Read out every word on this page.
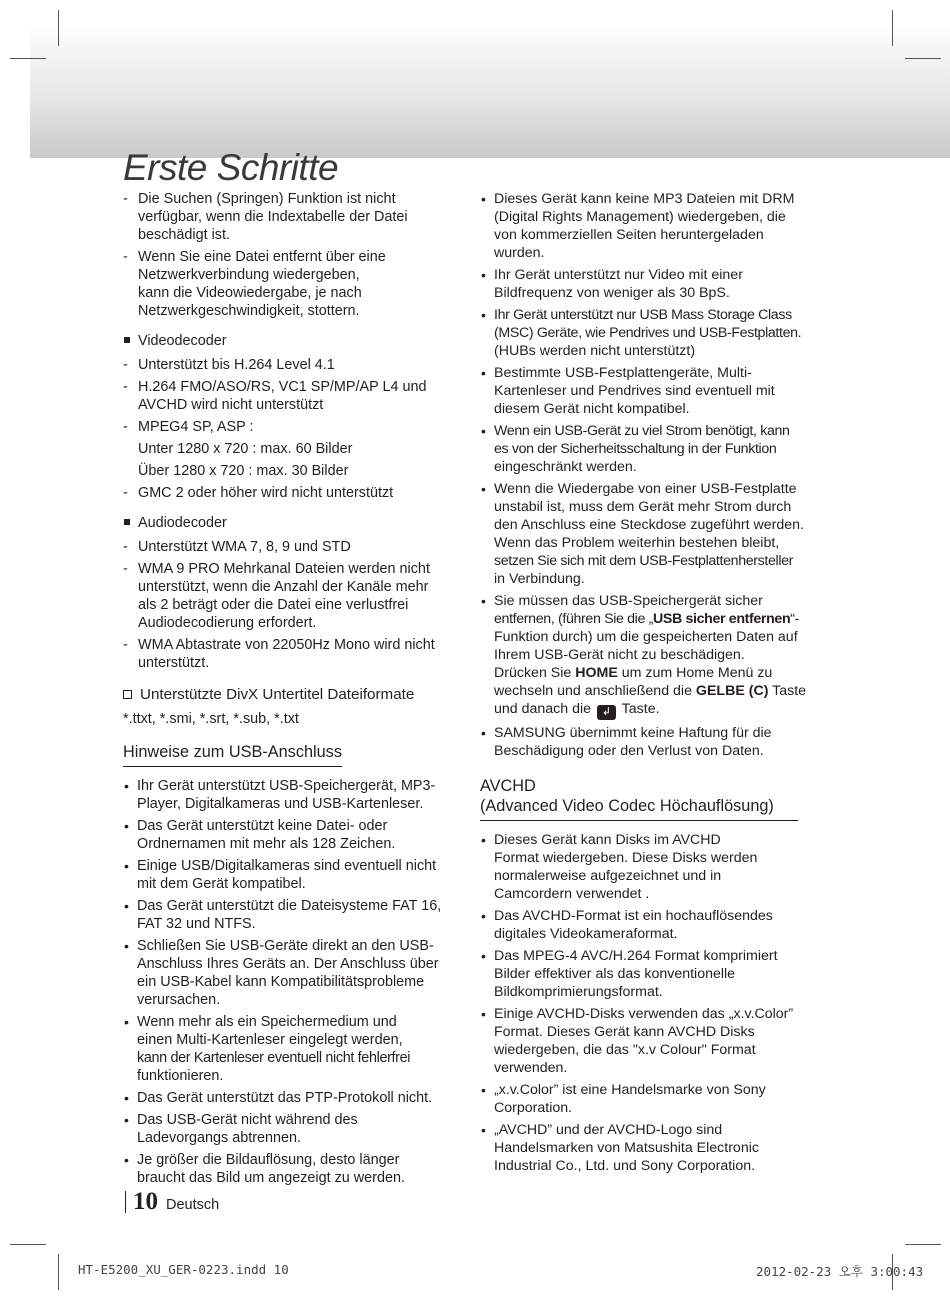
Erste Schritte
- Die Suchen (Springen) Funktion ist nicht
verfügbar, wenn die Indextabelle der Datei
beschädigt ist.
- Wenn Sie eine Datei entfernt über eine
Netzwerkverbindung wiedergeben,
kann die Videowiedergabe, je nach
Netzwerkgeschwindigkeit, stottern.
Videodecoder
- Unterstützt bis H.264 Level 4.1
- H.264 FMO/ASO/RS, VC1 SP/MP/AP L4 und
AVCHD wird nicht unterstützt
- MPEG4 SP, ASP :
Unter 1280 x 720 : max. 60 Bilder
Über 1280 x 720 : max. 30 Bilder
- GMC 2 oder höher wird nicht unterstützt
Audiodecoder
- Unterstützt WMA 7, 8, 9 und STD
- WMA 9 PRO Mehrkanal Dateien werden nicht
unterstützt, wenn die Anzahl der Kanäle mehr
als 2 beträgt oder die Datei eine verlustfrei
Audiodecodierung erfordert.
- WMA Abtastrate von 22050Hz Mono wird nicht
unterstützt.
Unterstützte DivX Untertitel Dateiformate
*.ttxt, *.smi, *.srt, *.sub, *.txt
Hinweise zum USB-Anschluss
• Ihr Gerät unterstützt USB-Speichergerät, MP3-
Player, Digitalkameras und USB-Kartenleser.
• Das Gerät unterstützt keine Datei- oder
Ordnernamen mit mehr als 128 Zeichen.
• Einige USB/Digitalkameras sind eventuell nicht
mit dem Gerät kompatibel.
• Das Gerät unterstützt die Dateisysteme FAT 16,
FAT 32 und NTFS.
• Schließen Sie USB-Geräte direkt an den USB-
Anschluss Ihres Geräts an. Der Anschluss über
ein USB-Kabel kann Kompatibilitätsprobleme
verursachen.
• Wenn mehr als ein Speichermedium und
einen Multi-Kartenleser eingelegt werden,
kann der Kartenleser eventuell nicht fehlerfrei
funktionieren.
• Das Gerät unterstützt das PTP-Protokoll nicht.
• Das USB-Gerät nicht während des
Ladevorgangs abtrennen.
• Je größer die Bildauflösung, desto länger
braucht das Bild um angezeigt zu werden.
• Dieses Gerät kann keine MP3 Dateien mit DRM
(Digital Rights Management) wiedergeben, die
von kommerziellen Seiten heruntergeladen
wurden.
• Ihr Gerät unterstützt nur Video mit einer
Bildfrequenz von weniger als 30 BpS.
• Ihr Gerät unterstützt nur USB Mass Storage Class
(MSC) Geräte, wie Pendrives und USB-Festplatten.
(HUBs werden nicht unterstützt)
• Bestimmte USB-Festplattengeräte, Multi-
Kartenleser und Pendrives sind eventuell mit
diesem Gerät nicht kompatibel.
• Wenn ein USB-Gerät zu viel Strom benötigt, kann
es von der Sicherheitsschaltung in der Funktion
eingeschränkt werden.
• Wenn die Wiedergabe von einer USB-Festplatte
unstabil ist, muss dem Gerät mehr Strom durch
den Anschluss eine Steckdose zugeführt werden.
Wenn das Problem weiterhin bestehen bleibt,
setzen Sie sich mit dem USB-Festplattenhersteller
in Verbindung.
• Sie müssen das USB-Speichergerät sicher
entfernen, (führen Sie die „USB sicher entfernen“-
Funktion durch) um die gespeicherten Daten auf
Ihrem USB-Gerät nicht zu beschädigen.
Drücken Sie HOME um zum Home Menü zu
wechseln und anschließend die GELBE (C) Taste
und danach die ↲ Taste.
• SAMSUNG übernimmt keine Haftung für die
Beschädigung oder den Verlust von Daten.
AVCHD
(Advanced Video Codec Höchauflösung)
• Dieses Gerät kann Disks im AVCHD
Format wiedergeben. Diese Disks werden
normalerweise aufgezeichnet und in
Camcordern verwendet .
• Das AVCHD-Format ist ein hochauflösendes
digitales Videokameraformat.
• Das MPEG-4 AVC/H.264 Format komprimiert
Bilder effektiver als das konventionelle
Bildkomprimierungsformat.
• Einige AVCHD-Disks verwenden das „x.v.Color”
Format. Dieses Gerät kann AVCHD Disks
wiedergeben, die das "x.v Colour" Format
verwenden.
• „x.v.Color” ist eine Handelsmarke von Sony
Corporation.
• „AVCHD” und der AVCHD-Logo sind
Handelsmarken von Matsushita Electronic
Industrial Co., Ltd. und Sony Corporation.
10 Deutsch
HT-E5200_XU_GER-0223.indd 10	2012-02-23 오후 3:00:43
